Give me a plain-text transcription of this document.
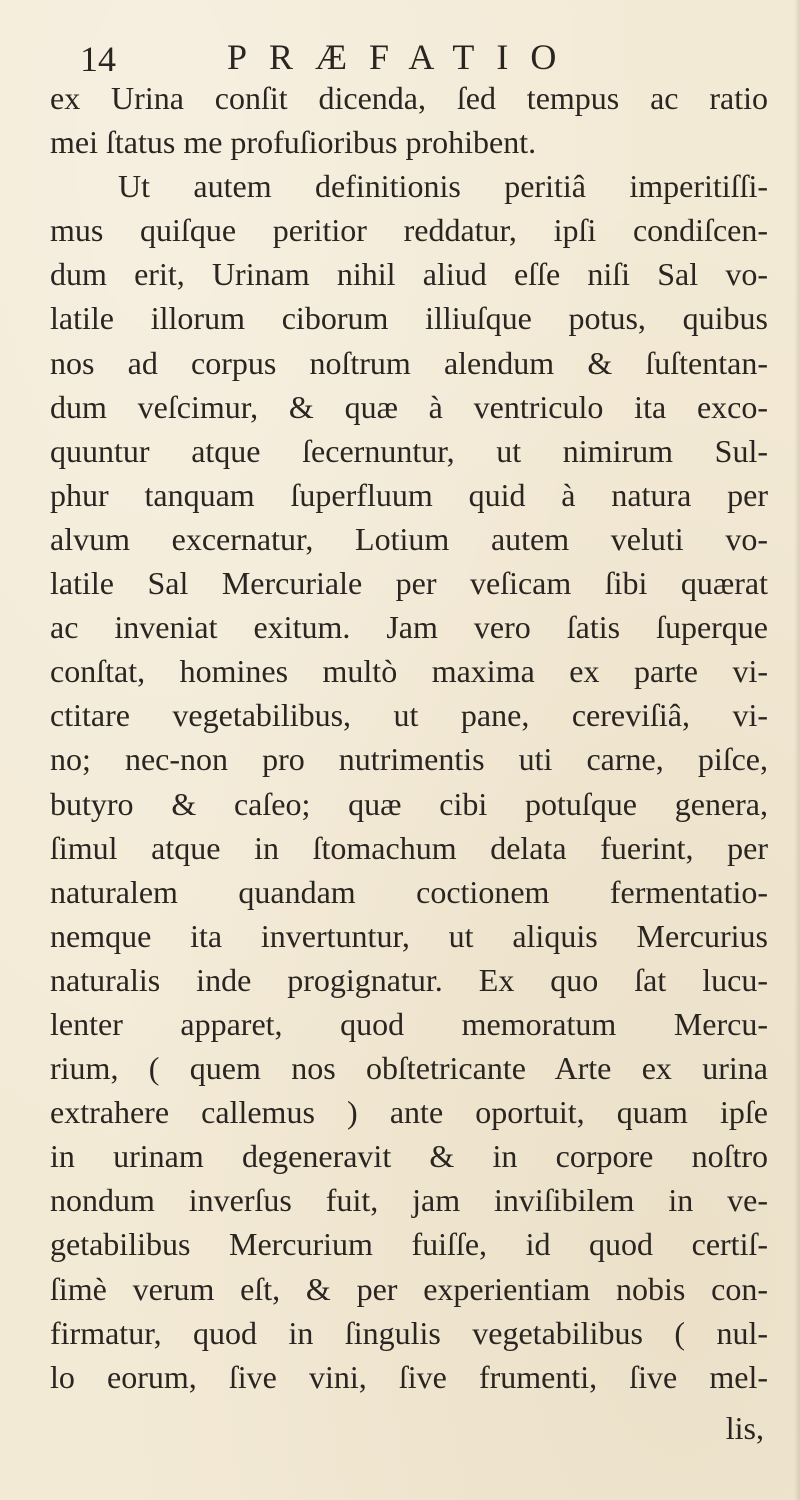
14	PRÆFATIO
ex Urina conſit dicenda, ſed tempus ac ratio
mei ſtatus me profuſioribus prohibent.
Ut autem definitionis peritiâ imperitiſſi-
mus quiſque peritior reddatur, ipſi condiſcen-
dum erit, Urinam nihil aliud eſſe niſi Sal vo-
latile illorum ciborum illiuſque potus, quibus
nos ad corpus noſtrum alendum & ſuſtentan-
dum veſcimur, & quæ à ventriculo ita exco-
quuntur atque ſecernuntur, ut nimirum Sul-
phur tanquam ſuperfluum quid à natura per
alvum excernatur, Lotium autem veluti vo-
latile Sal Mercuriale per veſicam ſibi quærat
ac inveniat exitum. Jam vero ſatis ſuperque
conſtat, homines multò maxima ex parte vi-
ctitare vegetabilibus, ut pane, cereviſiâ, vi-
no; nec-non pro nutrimentis uti carne, piſce,
butyro & caſeo; quæ cibi potuſque genera,
ſimul atque in ſtomachum delata fuerint, per
naturalem quandam coctionem fermentatio-
nemque ita invertuntur, ut aliquis Mercurius
naturalis inde progignatur. Ex quo ſat lucu-
lenter apparet, quod memoratum Mercu-
rium, ( quem nos obſtetricante Arte ex urina
extrahere callemus ) ante oportuit, quam ipſe
in urinam degeneravit & in corpore noſtro
nondum inverſus fuit, jam inviſibilem in ve-
getabilibus Mercurium fuiſſe, id quod certiſ-
ſimè verum eſt, & per experientiam nobis con-
firmatur, quod in ſingulis vegetabilibus ( nul-
lo eorum, ſive vini, ſive frumenti, ſive mel-
lis,
